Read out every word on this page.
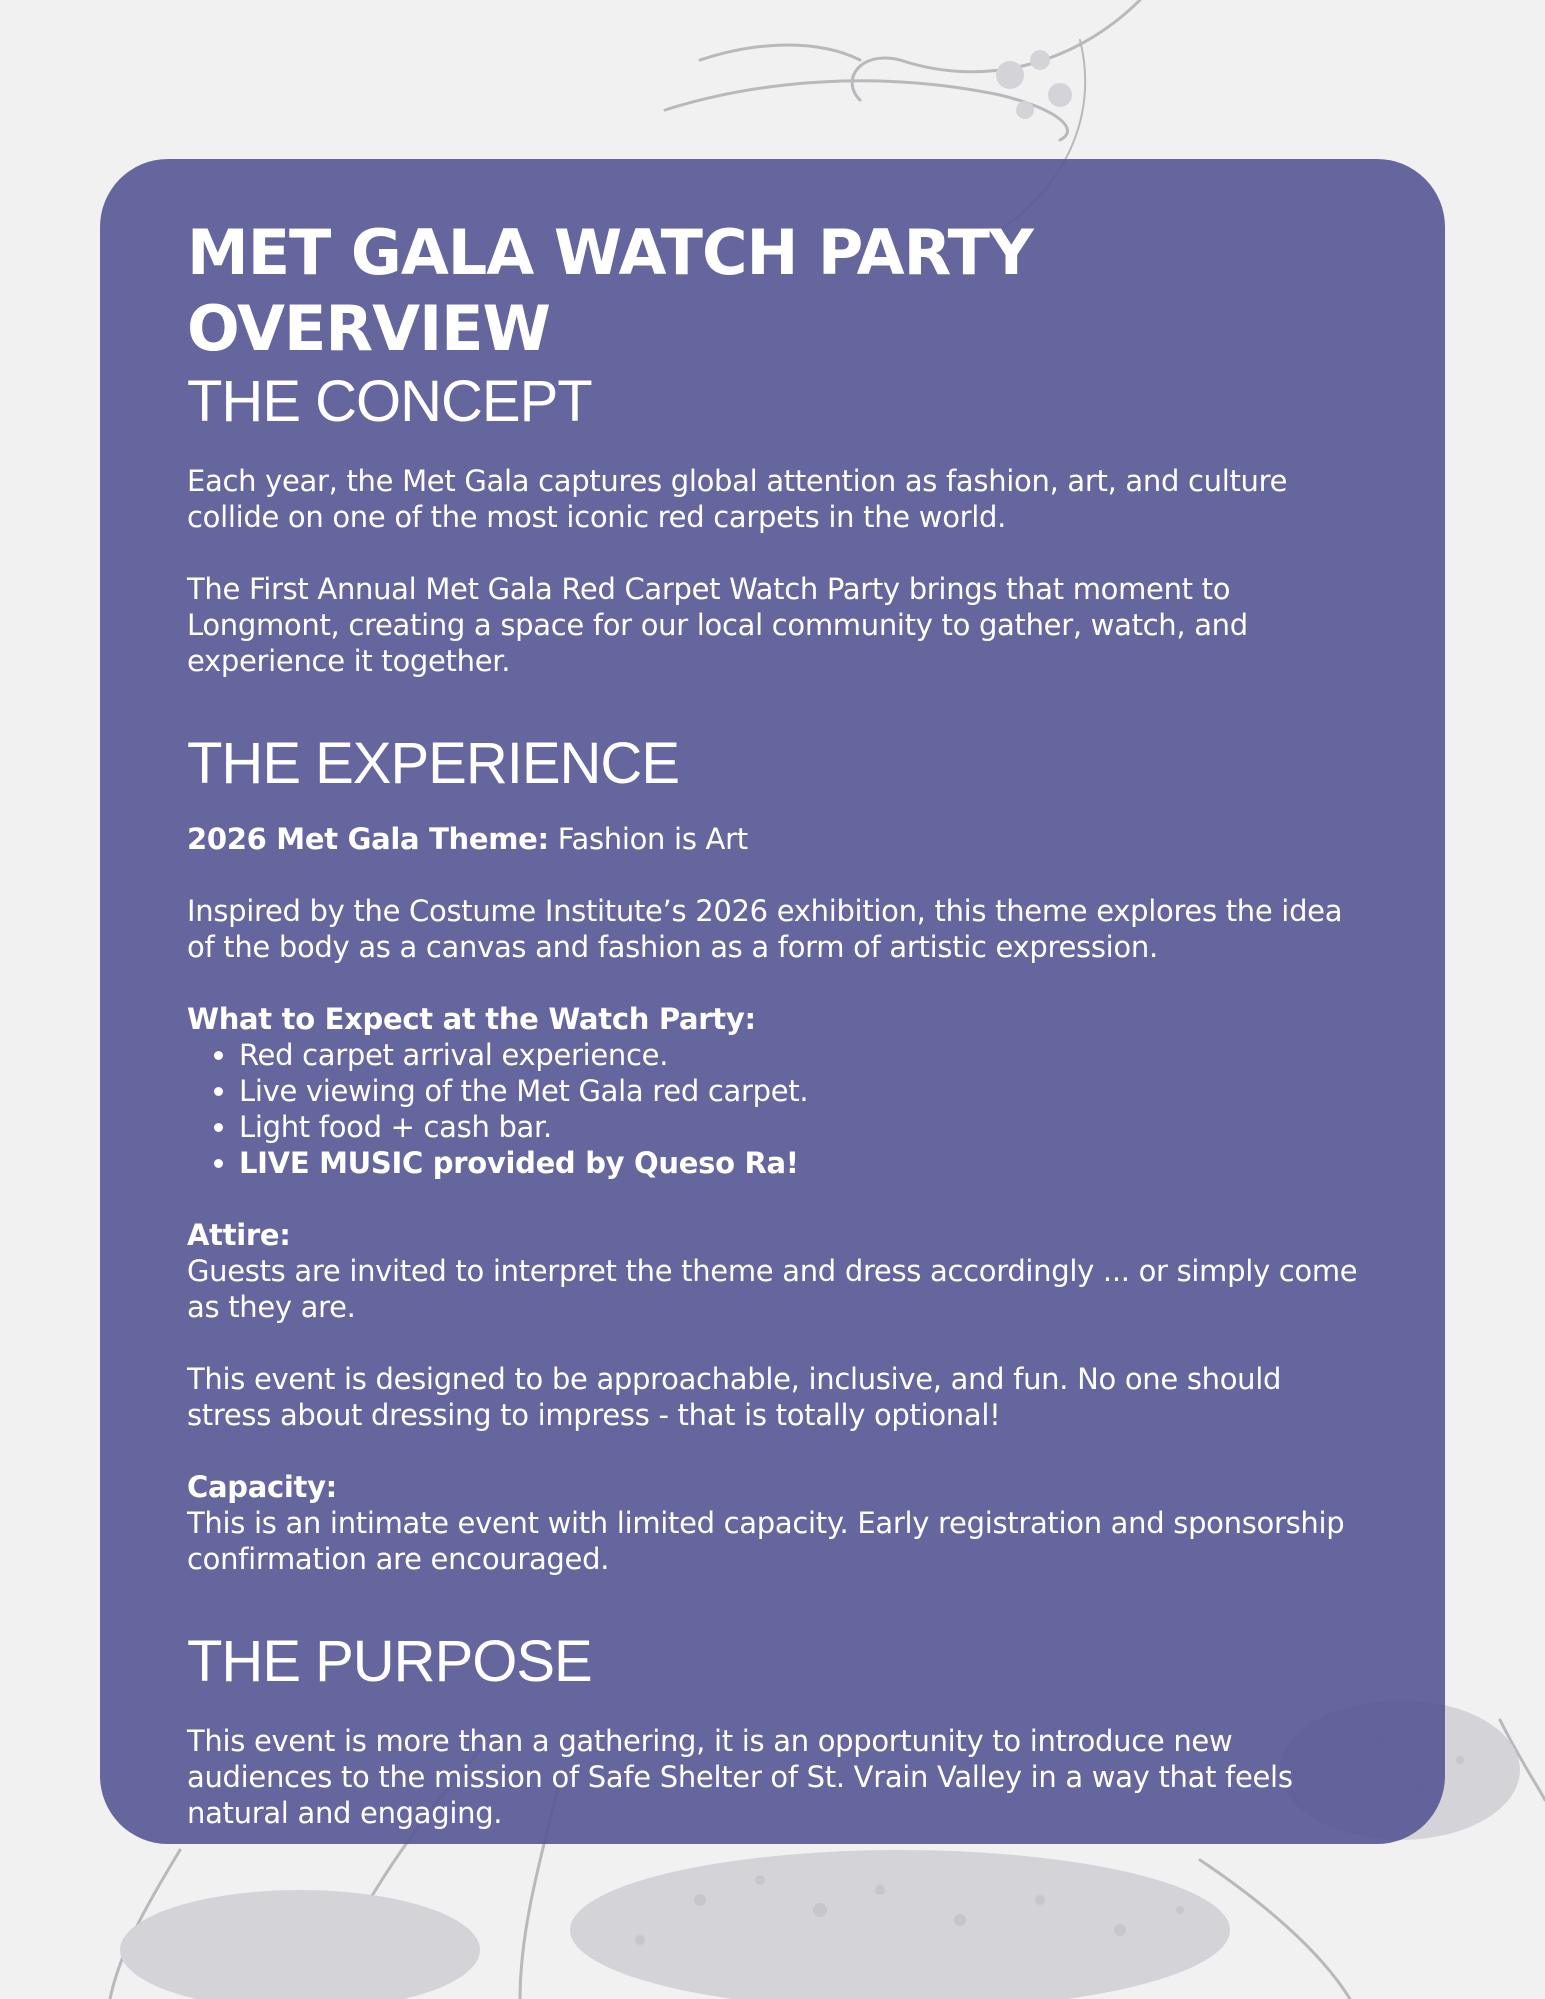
MET GALA WATCH PARTY OVERVIEW
THE CONCEPT

Each year, the Met Gala captures global attention as fashion, art, and culture collide on one of the most iconic red carpets in the world.

The First Annual Met Gala Red Carpet Watch Party brings that moment to Longmont, creating a space for our local community to gather, watch, and experience it together.

THE EXPERIENCE

2026 Met Gala Theme: Fashion is Art

Inspired by the Costume Institute’s 2026 exhibition, this theme explores the idea of the body as a canvas and fashion as a form of artistic expression.

What to Expect at the Watch Party:

• Red carpet arrival experience.
• Live viewing of the Met Gala red carpet.
• Light food + cash bar.
• LIVE MUSIC provided by Queso Ra!

Attire:

Guests are invited to interpret the theme and dress accordingly ... or simply come as they are.

This event is designed to be approachable, inclusive, and fun. No one should stress about dressing to impress - that is totally optional!

Capacity:

This is an intimate event with limited capacity. Early registration and sponsorship confirmation are encouraged.

THE PURPOSE

This event is more than a gathering, it is an opportunity to introduce new audiences to the mission of Safe Shelter of St. Vrain Valley in a way that feels natural and engaging.
